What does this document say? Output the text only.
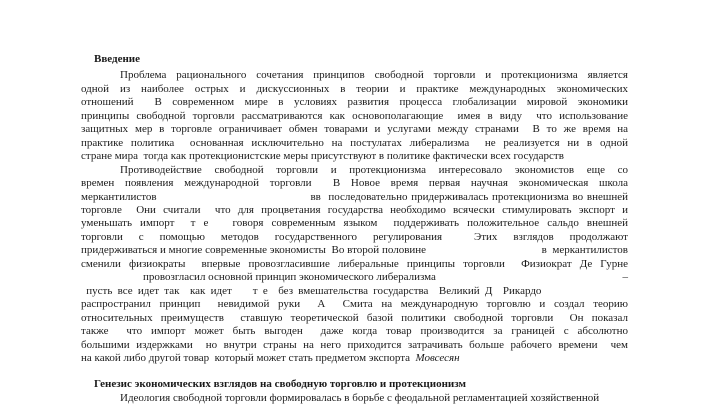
Введение
Проблема рационального сочетания принципов свободной торговли и протекционизма является
одной из наиболее острых и дискуссионных в теории и практике международных экономических
отношений  В современном мире в условиях развития процесса глобализации мировой экономики
принципы свободной торговли рассматриваются как основополагающие  имея в виду  что использование
защитных мер в торговле ограничивает обмен товарами и услугами между странами  В то же время на
практике политика  основанная исключительно на постулатах либерализма  не реализуется ни в одной
стране мира  тогда как протекционистские меры присутствуют в политике фактически всех государств
Противодействие свободной торговли и протекционизма интересовало экономистов еще со
времен появления международной торговли  В Новое время первая научная экономическая школа
меркантилистов                                         вв  последовательно придерживалась протекционизма во внешней
торговле  Они считали  что для процветания государства необходимо всячески стимулировать экспорт и
уменьшать импорт  т е   говоря современным языком  поддерживать положительное сальдо внешней
торговли с помощью методов государственного регулирования  Этих взглядов продолжают
придерживаться и многие современные экономисты  Во второй половине                                         в  меркантилистов
сменили физиократы  впервые провозгласившие либеральные принципы торговли  Физиократ Де Гурне
провозгласил основной принцип экономического либерализма	–
пусть все идет так  как идет    т е  без вмешательства государства  Великий Д  Рикардо
распространил принцип  невидимой руки  А  Смита на международную торговлю и создал теорию
относительных преимуществ  ставшую теоретической базой политики свободной торговли  Он показал
также  что импорт может быть выгоден  даже когда товар производится за границей с абсолютно
большими издержками  но внутри страны на него приходится затрачивать больше рабочего времени  чем
на какой либо другой товар  который может стать предметом экспорта  Мовсесян
Генезис экономических взглядов на свободную торговлю и протекционизм
Идеология свободной торговли формировалась в борьбе с феодальной регламентацией хозяйственной
